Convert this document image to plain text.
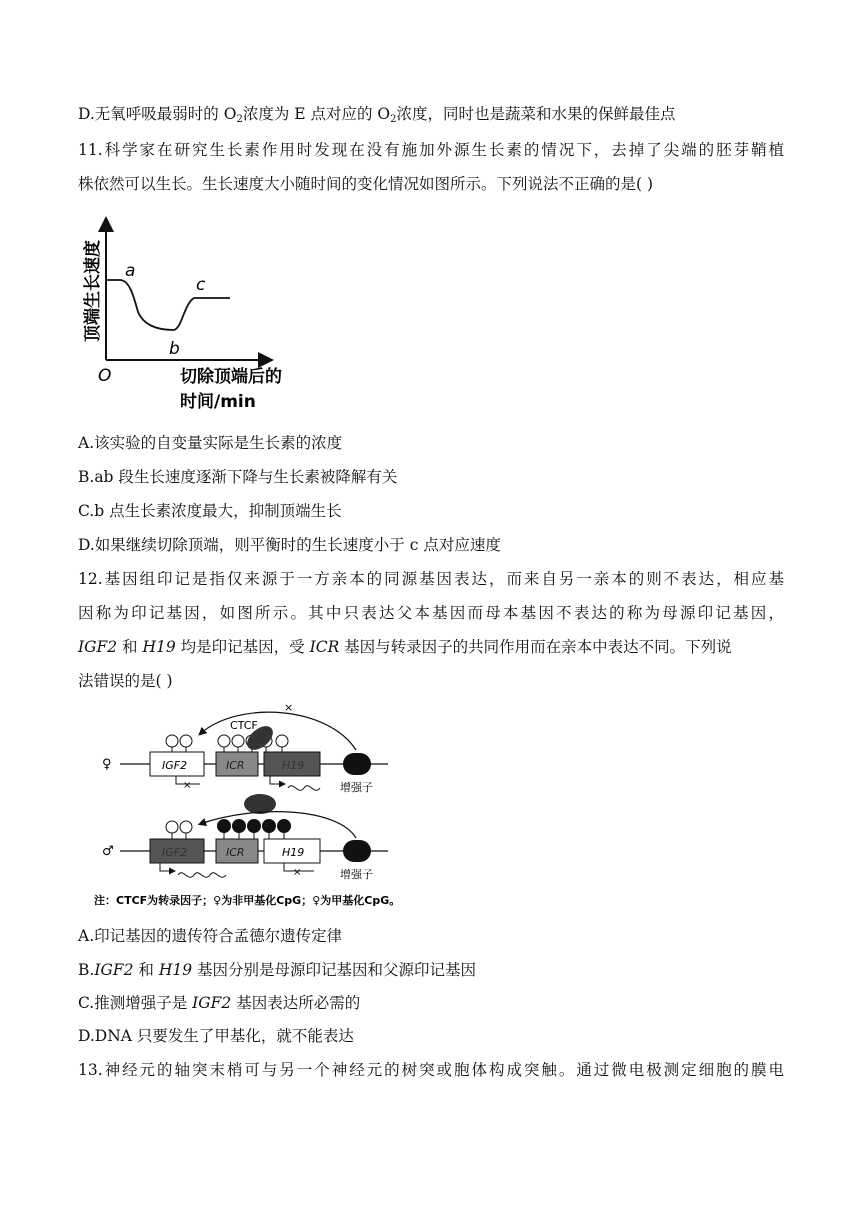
D.无氧呼吸最弱时的 $O_2$浓度为 E 点对应的 $O_2$浓度，同时也是蔬菜和水果的保鲜最佳点
11.科学家在研究生长素作用时发现在没有施加外源生长素的情况下，去掉了尖端的胚芽鞘植
株依然可以生长。生长速度大小随时间的变化情况如图所示。下列说法不正确的是( )
顶端生长速度 a
b
c
O	切除顶端后的
时间/min
A.该实验的自变量实际是生长素的浓度
B.ab 段生长速度逐渐下降与生长素被降解有关
C.b 点生长素浓度最大，抑制顶端生长
D.如果继续切除顶端，则平衡时的生长速度小于 c 点对应速度
12.基因组印记是指仅来源于一方亲本的同源基因表达，而来自另一亲本的则不表达，相应基
因称为印记基因，如图所示。其中只表达父本基因而母本基因不表达的称为母源印记基因，
IGF2 和 H19 均是印记基因，受 ICR 基因与转录因子的共同作用而在亲本中表达不同。下列说
法错误的是( )
♀
×
CTCF
IGF2	ICR	H19
增强子
×
♂	IGF2	ICR	H19
增强子
×
注：CTCF为转录因子；♀为非甲基化CpG；♀为甲基化CpG。
A.印记基因的遗传符合孟德尔遗传定律
B.IGF2 和 H19 基因分别是母源印记基因和父源印记基因
C.推测增强子是 IGF2 基因表达所必需的
D.DNA 只要发生了甲基化，就不能表达
13.神经元的轴突末梢可与另一个神经元的树突或胞体构成突触。通过微电极测定细胞的膜电
